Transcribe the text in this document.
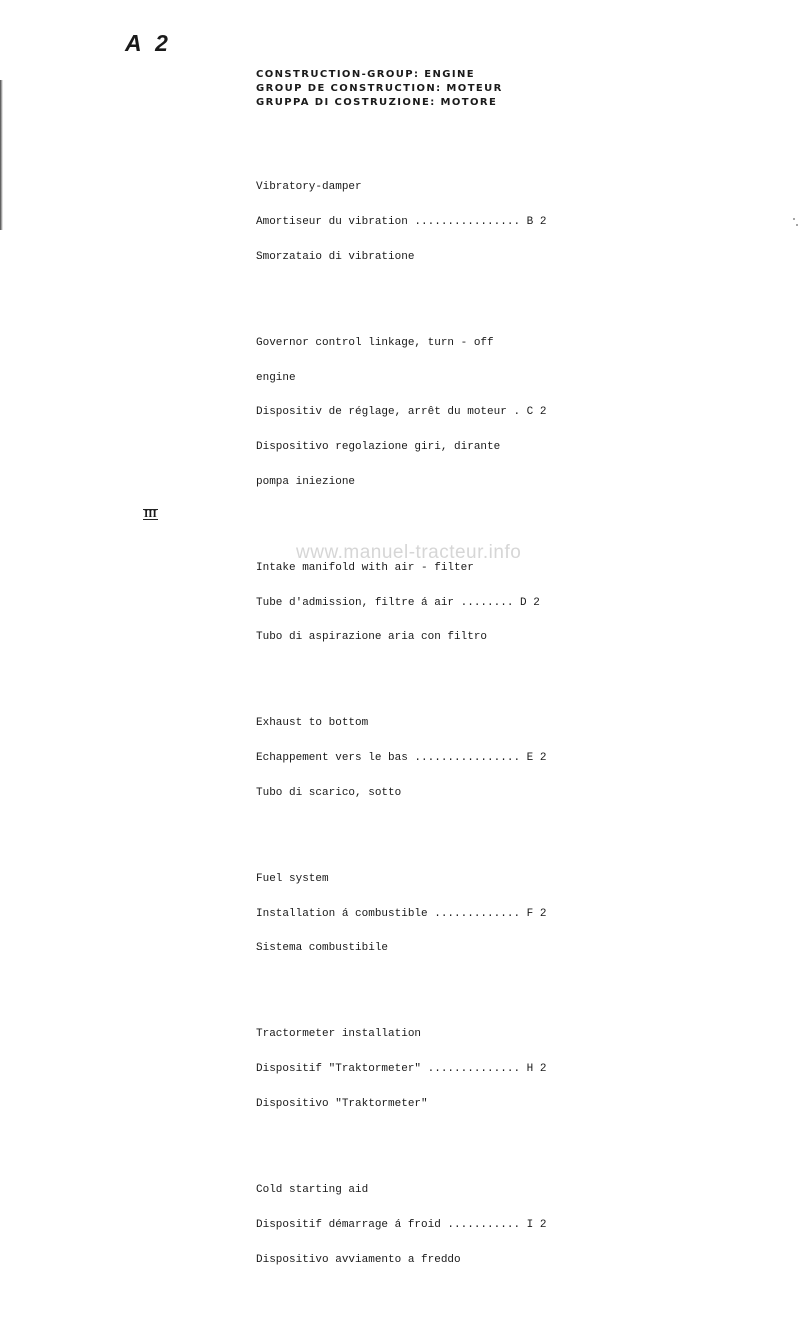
A 2
CONSTRUCTION-GROUP: ENGINE
GROUP DE CONSTRUCTION: MOTEUR
GRUPPA DI COSTRUZIONE: MOTORE

Vibratory-damper

Amortiseur du vibration ................ B 2

Smorzataio di vibratione

Governor control linkage, turn - off

engine

Dispositiv de réglage, arrêt du moteur . C 2

Dispositivo regolazione giri, dirante

pompa iniezione

Intake manifold with air - filter

Tube d'admission, filtre á air ........ D 2

Tubo di aspirazione aria con filtro

Exhaust to bottom

Echappement vers le bas ................ E 2

Tubo di scarico, sotto

Fuel system

Installation á combustible ............. F 2

Sistema combustibile

Tractormeter installation

Dispositif "Traktormeter" .............. H 2

Dispositivo "Traktormeter"

Cold starting aid

Dispositif démarrage á froid ........... I 2

Dispositivo avviamento a freddo

III
www.manuel-tracteur.info
